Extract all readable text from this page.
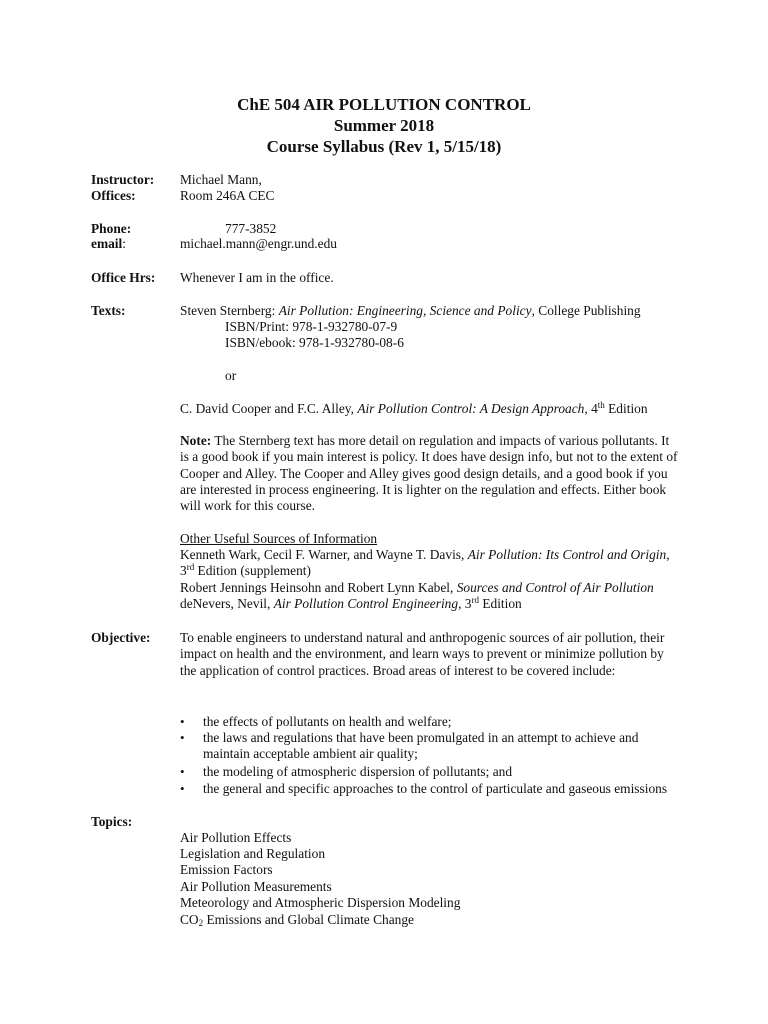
ChE 504 AIR POLLUTION CONTROL
Summer 2018
Course Syllabus (Rev 1, 5/15/18)
Instructor: Michael Mann,
Offices:	Room 246A CEC
Phone:	777-3852
email:	michael.mann@engr.und.edu
Office Hrs: Whenever I am in the office.
Texts:	Steven Sternberg: Air Pollution: Engineering, Science and Policy, College Publishing
ISBN/Print: 978-1-932780-07-9
ISBN/ebook: 978-1-932780-08-6
or
C. David Cooper and F.C. Alley, Air Pollution Control: A Design Approach, 4th Edition
Note: The Sternberg text has more detail on regulation and impacts of various pollutants. It is a good book if you main interest is policy. It does have design info, but not to the extent of Cooper and Alley. The Cooper and Alley gives good design details, and a good book if you are interested in process engineering. It is lighter on the regulation and effects. Either book will work for this course.
Other Useful Sources of Information
Kenneth Wark, Cecil F. Warner, and Wayne T. Davis, Air Pollution: Its Control and Origin, 3rd Edition (supplement)
Robert Jennings Heinsohn and Robert Lynn Kabel, Sources and Control of Air Pollution
deNevers, Nevil, Air Pollution Control Engineering, 3rd Edition
Objective: To enable engineers to understand natural and anthropogenic sources of air pollution, their impact on health and the environment, and learn ways to prevent or minimize pollution by the application of control practices. Broad areas of interest to be covered include:
• the effects of pollutants on health and welfare;
• the laws and regulations that have been promulgated in an attempt to achieve and maintain acceptable ambient air quality;
• the modeling of atmospheric dispersion of pollutants; and
• the general and specific approaches to the control of particulate and gaseous emissions
Topics:
Air Pollution Effects
Legislation and Regulation
Emission Factors
Air Pollution Measurements
Meteorology and Atmospheric Dispersion Modeling
$CO_2$ Emissions and Global Climate Change
